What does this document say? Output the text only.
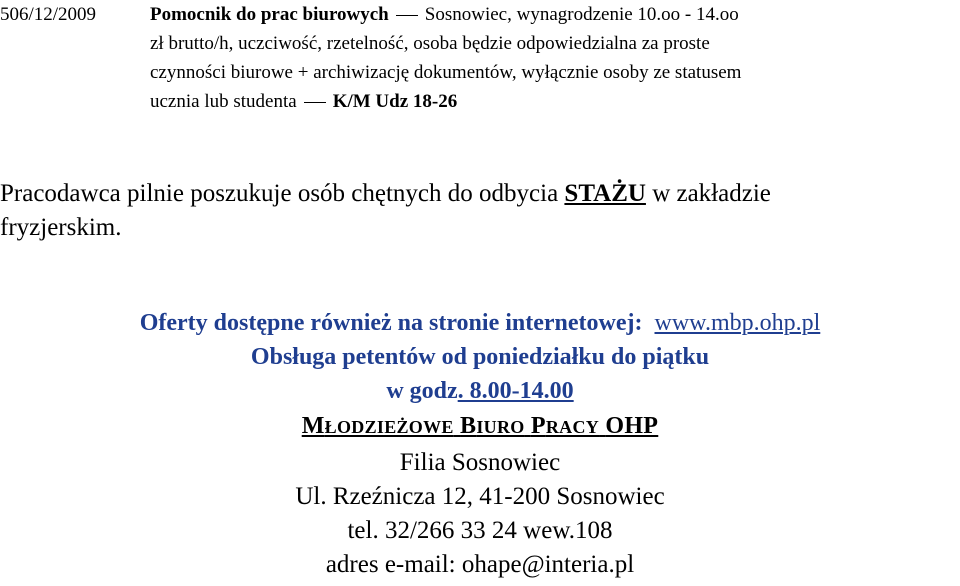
506/12/2009	Pomocnik do prac biurowych Sosnowiec, wynagrodzenie 10.oo - 14.oo
zł brutto/h, uczciwość, rzetelność, osoba będzie odpowiedzialna za proste
czynności biurowe + archiwizację dokumentów, wyłącznie osoby ze statusem
ucznia lub studenta K/M Udz 18-26
Pracodawca pilnie poszukuje osób chętnych do odbycia STAŻU w zakładzie
fryzjerskim.
Oferty dostępne również na stronie internetowej: www.mbp.ohp.pl
Obsługa petentów od poniedziałku do piątku
w godz. 8.00-14.00
MŁODZIEŻOWE BIURO PRACY OHP
Filia Sosnowiec
Ul. Rzeźnicza 12, 41-200 Sosnowiec
tel. 32/266 33 24 wew.108
adres e-mail: ohape@interia.pl
